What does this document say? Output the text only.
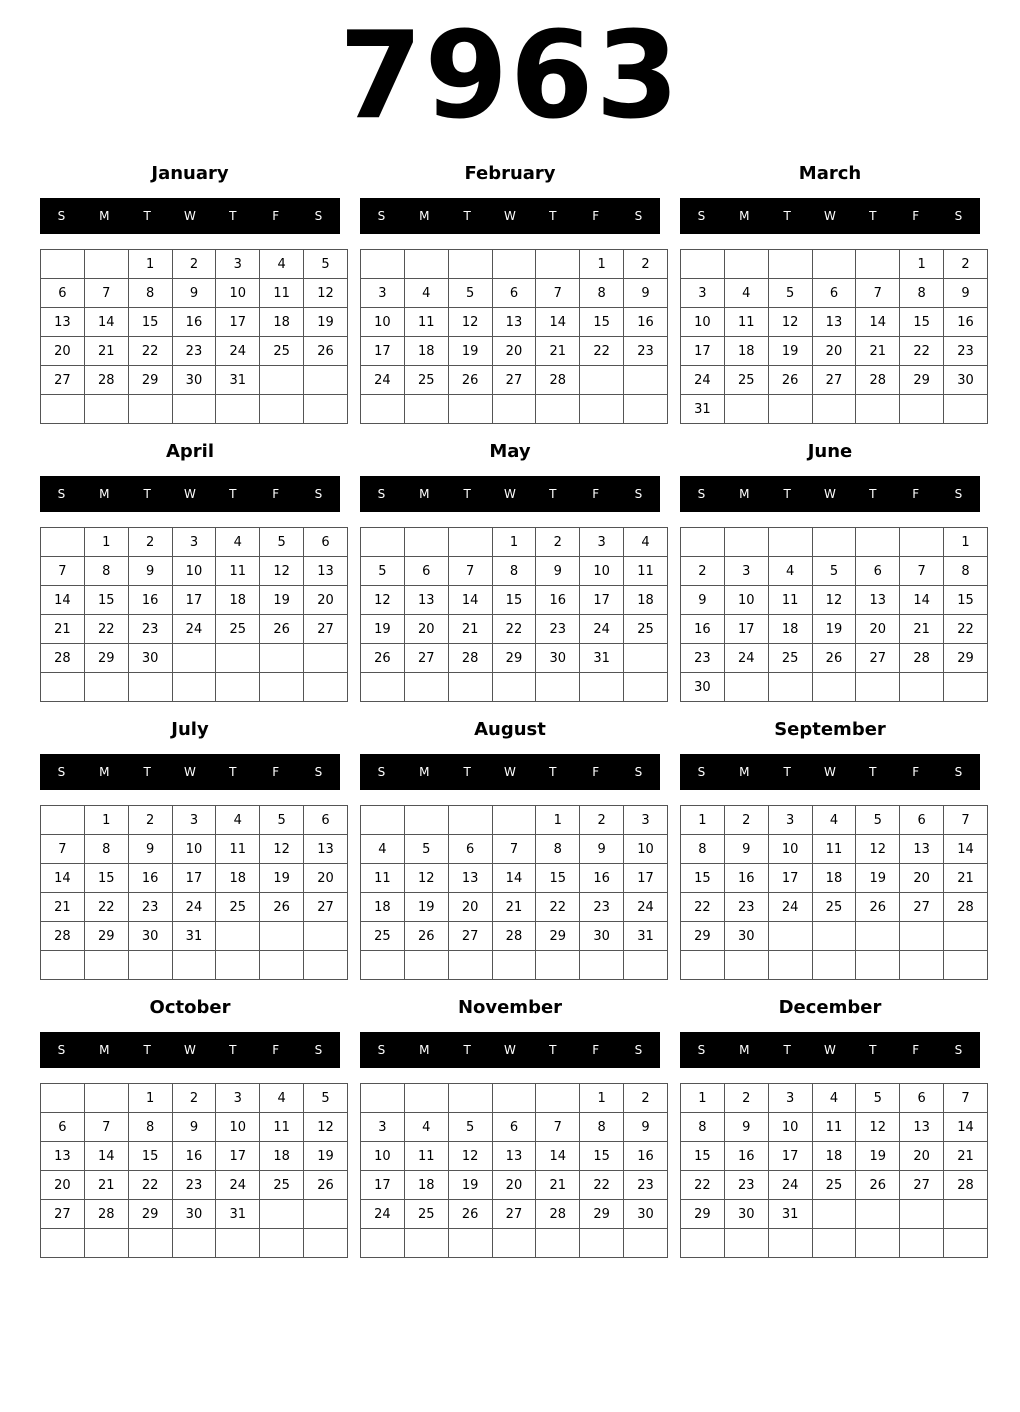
7963
January
S	M	T	W	T	F	S
		1	2	3	4	5
6	7	8	9	10	11	12
13	14	15	16	17	18	19
20	21	22	23	24	25	26
27	28	29	30	31		

February
S	M	T	W	T	F	S
					1	2
3	4	5	6	7	8	9
10	11	12	13	14	15	16
17	18	19	20	21	22	23
24	25	26	27	28		

March
S	M	T	W	T	F	S
					1	2
3	4	5	6	7	8	9
10	11	12	13	14	15	16
17	18	19	20	21	22	23
24	25	26	27	28	29	30
31						
April
S	M	T	W	T	F	S
	1	2	3	4	5	6
7	8	9	10	11	12	13
14	15	16	17	18	19	20
21	22	23	24	25	26	27
28	29	30				

May
S	M	T	W	T	F	S
			1	2	3	4
5	6	7	8	9	10	11
12	13	14	15	16	17	18
19	20	21	22	23	24	25
26	27	28	29	30	31	

June
S	M	T	W	T	F	S
						1
2	3	4	5	6	7	8
9	10	11	12	13	14	15
16	17	18	19	20	21	22
23	24	25	26	27	28	29
30						
July
S	M	T	W	T	F	S
	1	2	3	4	5	6
7	8	9	10	11	12	13
14	15	16	17	18	19	20
21	22	23	24	25	26	27
28	29	30	31			

August
S	M	T	W	T	F	S
				1	2	3
4	5	6	7	8	9	10
11	12	13	14	15	16	17
18	19	20	21	22	23	24
25	26	27	28	29	30	31

September
S	M	T	W	T	F	S
1	2	3	4	5	6	7
8	9	10	11	12	13	14
15	16	17	18	19	20	21
22	23	24	25	26	27	28
29	30					

October
S	M	T	W	T	F	S
		1	2	3	4	5
6	7	8	9	10	11	12
13	14	15	16	17	18	19
20	21	22	23	24	25	26
27	28	29	30	31		

November
S	M	T	W	T	F	S
					1	2
3	4	5	6	7	8	9
10	11	12	13	14	15	16
17	18	19	20	21	22	23
24	25	26	27	28	29	30

December
S	M	T	W	T	F	S
1	2	3	4	5	6	7
8	9	10	11	12	13	14
15	16	17	18	19	20	21
22	23	24	25	26	27	28
29	30	31				
